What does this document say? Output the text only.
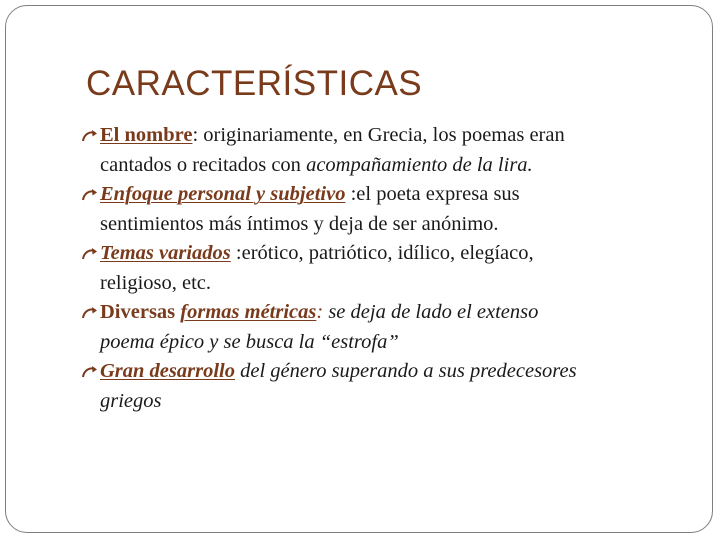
CARACTERÍSTICAS
El nombre: originariamente, en Grecia, los poemas eran
cantados o recitados con acompañamiento de la lira.
Enfoque personal y subjetivo :el poeta expresa sus
sentimientos más íntimos y deja de ser anónimo.
Temas variados :erótico, patriótico, idílico, elegíaco,
religioso, etc.
Diversas formas métricas: se deja de lado el extenso
poema épico y se busca la “estrofa”
Gran desarrollo del género superando a sus predecesores
griegos
